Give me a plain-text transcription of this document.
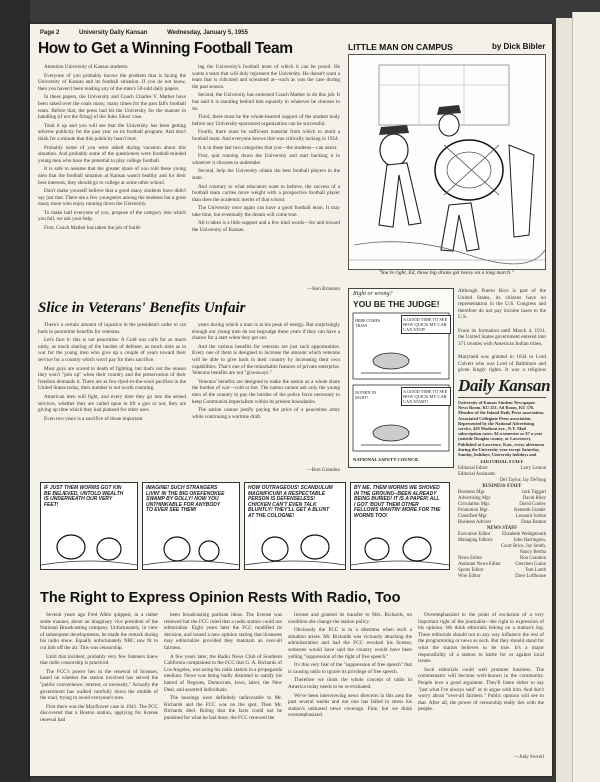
Page 2	University Daily Kansan	Wednesday, January 5, 1955
How to Get a Winning Football Team

Attention University of Kansas students:

Everyone of you probably knows the problem that is facing the University of Kansas and its football situation. If you do not know, then you haven't been reading any of the state's 50-odd daily papers.

In these papers, the University and Coach Charles V. Mather have been raked over the coals many, many times for the past fall's football team. Before that, the press had hit the University for the manner in handling (if not the firing) of the Jules Sikes' case.

Total it up and you will see that the University has been getting adverse publicity for the past year on its football program. And don't think for a minute that this publicity hasn't hurt.

Probably some of you were asked during vacation about this situation. And probably some of the questioners were football-minded young men who have the potential to play college football.

It is safe to assume that the greater share of you told these young men that the football situation at Kansas wasn't healthy and for their best interests, they should go to college at some other school.

Don't make yourself believe that a good many students have didn't say just that. There are a few youngsters among the students but a great many more who enjoy running down the University.

To make half everyone of you, propose of the category into which you fall, we ask your help.

First, Coach Mather has taken the job of build-

ing the University's football team of which it can be proud. He wants a team that will duly represent the University. He doesn't want a team that is ridiculed and screamed at—such as was the case during the past season.

Second, the University has endorsed Coach Mather to do this job. It has said it is standing behind him squarely in whatever he chooses to do.

Third, there must be the whole-hearted support of the student body before any University-sponsored organization can be successful.

Fourth, there must be sufficient material from which to mold a football team. And everyone knows that was critically lacking in 1954.

It is in these last two categories that you—the students—can assist.

First, quit running down the University and start backing it in whatever it chooses to undertake.

Second, help the University obtain the best football players in the state.

And contrary to what educators want to believe, the success of a football team carries more weight with a prospective football player than does the academic merits of that school.

The University once again can have a good football team. It may take time, but eventually the dream will come true.

All it takes is a little support and a few kind words—for and toward the University of Kansas.

—Ken Brannon
LITTLE MAN ON CAMPUS	by Dick Bibler
"You're right, Ed, those big drums get heavy on a long march."
Slice in Veterans' Benefits Unfair

There's a certain amount of injustice in the president's order to cut back in peacetime benefits for veterans.

Let's face it: this is not peacetime. A Cold war calls for as much unity, as much sharing of the burden of defense, as much time as in war for the young men who give up a couple of years toward their service for a country which won't pay for their sacrifice.

Most guys are scared to death of fighting, but that's not the reason they won't "join up" when their country and the preservation of their freedom demands it. There are as few dyed-in-the-wool pacifists in the United States today, their number is not worth counting.

American men will fight, and every time they go into the armed services, whether they are called upon to lift a gun or not, they are giving up time which they had planned for other uses.

Even two years is a sacrifice of those important

years during which a man is at his peak of energy. But surprisingly enough our young men do not begrudge these years if they can have a chance for a start when they get out.

And the various benefits for veterans are just such opportunities. Every one of them is designed to increase the amount which veterans will be able to give back to their country by increasing their own capabilities. That's one of the remarkable features of private enterprise. Veterans benefits are not "giveaways."

Veterans' benefits are designed to make the nation as a whole share the burden of war—cold or hot. The nation cannot ask only the young men of the country to pay the burden of the police force necessary to keep Communist imperialism within its present boundaries.

The nation cannot justify paying the price of a peacetime army while continuing a wartime draft.

—Ron Grandon
Right or wrong?
YOU BE THE JUDGE!
A GOOD TIME TO SEE HOW QUICK MY CAR CAN STOP!
HERE COMES TRAIN
A GOOD TIME TO SEE HOW QUICK MY CAR CAN START!
NOTHIN' IN SIGHT!
NATIONAL SAFETY COUNCIL
Although Puerto Rico is part of the United States, its citizens have no representation in the U.S. Congress and therefore do not pay income taxes to the U.S.

From its formation until March 4, 1911, the United States government entered into 371 treaties with American Indian tribes.

Maryland was granted in 1634 to Lord Calvert who was Lord of Baltimore and given kingly rights. It was a religious
Daily Kansan
University of Kansas Student Newspaper. News Room, KU 251. Ad Room, KU 376. Member of the Inland Daily Press association. Associated Collegiate Press association. Represented by the National Advertising service, 420 Madison ave., N.Y. Mail subscription rates: $4 a semester or $7 a year (outside Douglas county, or Lawrence). Published at Lawrence, Kan., every afternoon during the University year except Saturday, Sunday, holidays, University holidays and
EDITORIAL STAFF
Editorial Editor	Larry Lemon
Editorial Assistants
Del Taylor, Jay DeYong
BUSINESS STAFF
Business Mgr.	Jack Taggart
Advertising Mgr.	David Riley
Circulation Mgr.	David Cooley
Promotion Mgr.	Kenneth Gunder
Classified Mgr.	Leonard Jordan
Business Adviser	Dana Beaton
NEWS STAFF
Executive Editor Elizabeth Weidgmouth
Managing Editors	John Harrington,
Court Brice, Jay Smith,
Nancy Bertha
News Editor	Ron Grandon
Assistant News Editor	Gretchen Guinn
Sports Editor	Tom Lamb
Wire Editor	Dave Lofthouse
IF JUST THEM WORMS GOT KIN BE BELIEVED, UNTOLD WEALTH IS UNDERNEATH OUR VERY FEET!
IMAGINE! SUCH STRANGERS LIVIN' IN THE BIG OKEFENOKEE SWAMP BY GOLLY! NOW YOU UNTHINKABLE FOR ANYBODY TO EVER SEE THEM!
HOW OUTRAGEOUS! SCANDULUM MAGNIFICUM! A RESPECTABLE PERSON IS DEFENSELESS! CHICKEN CAN'T EVEN TALK BLUNTLY! THEY'LL GET A BLUNT AT THE COLOGNE!
BY ME, THEM WORMS WE SHOVED IN THE GROUND--BEEN ALREADY BEING BURIED! IT IS A PAPER! ALL I GOT 'BOUT THEM OTHER FELLOWS WANTIN' MORE FOR THE WORMS TOO!
The Right to Express Opinion Rests With Radio, Too

Several years ago Fred Allen quipped, in a rather snide manner, about an imaginary vice president of the National Broadcasting company. Unfortunately, in view of subsequent developments, he made the remark during his radio show. Equally unfortunately NBC saw fit to cut him off the air. This was censorship.

Until that incident, probably very few listeners knew that radio censorship is practiced.

The FCC's power lies in the renewal of licenses, based on whether the station involved has served the "public convenience, interest, or necessity." Actually the government has walked carefully down the middle of the road, trying to avoid everyone's toes.

First there was the Mayflower case in 1941. The FCC discovered that a Boston station, applying for license renewal had

been broadcasting partisan ideas. The license was renewed but the FCC ruled that a radio station could not editorialize. Eight years later the FCC modified its decision, and issued a new opinion stating that licensees may editorialize provided they maintain an over-all fairness.

A few years later, the Radio News Club of Southern California complained to the FCC that G. A. Richards of Los Angeles, was using his radio station in a propaganda medium. News was being badly distorted to satisfy his hatred of Negroes, Democrats, Jews, labor, the New Deal, and assorted individuals.

The hearings were definitely unfavorable to Mr. Richards and the FCC was on the spot. Then Mr. Richards died. Ruling that the facts could not be punished for what he had done, the FCC renewed the

license and granted its transfer to Mrs. Richards, on condition she change the station policy.

Obviously the FCC is in a dilemma when such a situation arises. Mr. Richards was viciously attacking the administration and had the FCC revoked his license, someone would have said the country would have been yelling "suppression of the right of free speech."

It's this very fear of the "suppression of free speech" that is causing radio to ignore its privilege of free speech.

Therefore we think the whole concept of radio in America today needs to be re-evaluated.

We've been interviewing news directors in this area the past several weeks and not one has failed to stress his station's unbiased news coverage. Fine, but we think overemphasized.

Overemphasized to the point of exclusion of a very important right of the journalist—the right to expression of his opinion. We think editorials belong on a station's log. These editorials should not in any way influence the rest of the programming or news as such. But they should stand for what the station believes to be true. It's a major responsibility of a station to battle for or against local issues.

Such editorials could well promote business. The commentator will become well-known in the community. People love a good argument. They'll listen either to say "just what I've always said" or to argue with him. And don't worry about "over-all fairness." Public opinion will see to that. After all, the power of censorship really lies with the people.

—Judy Ferrell
